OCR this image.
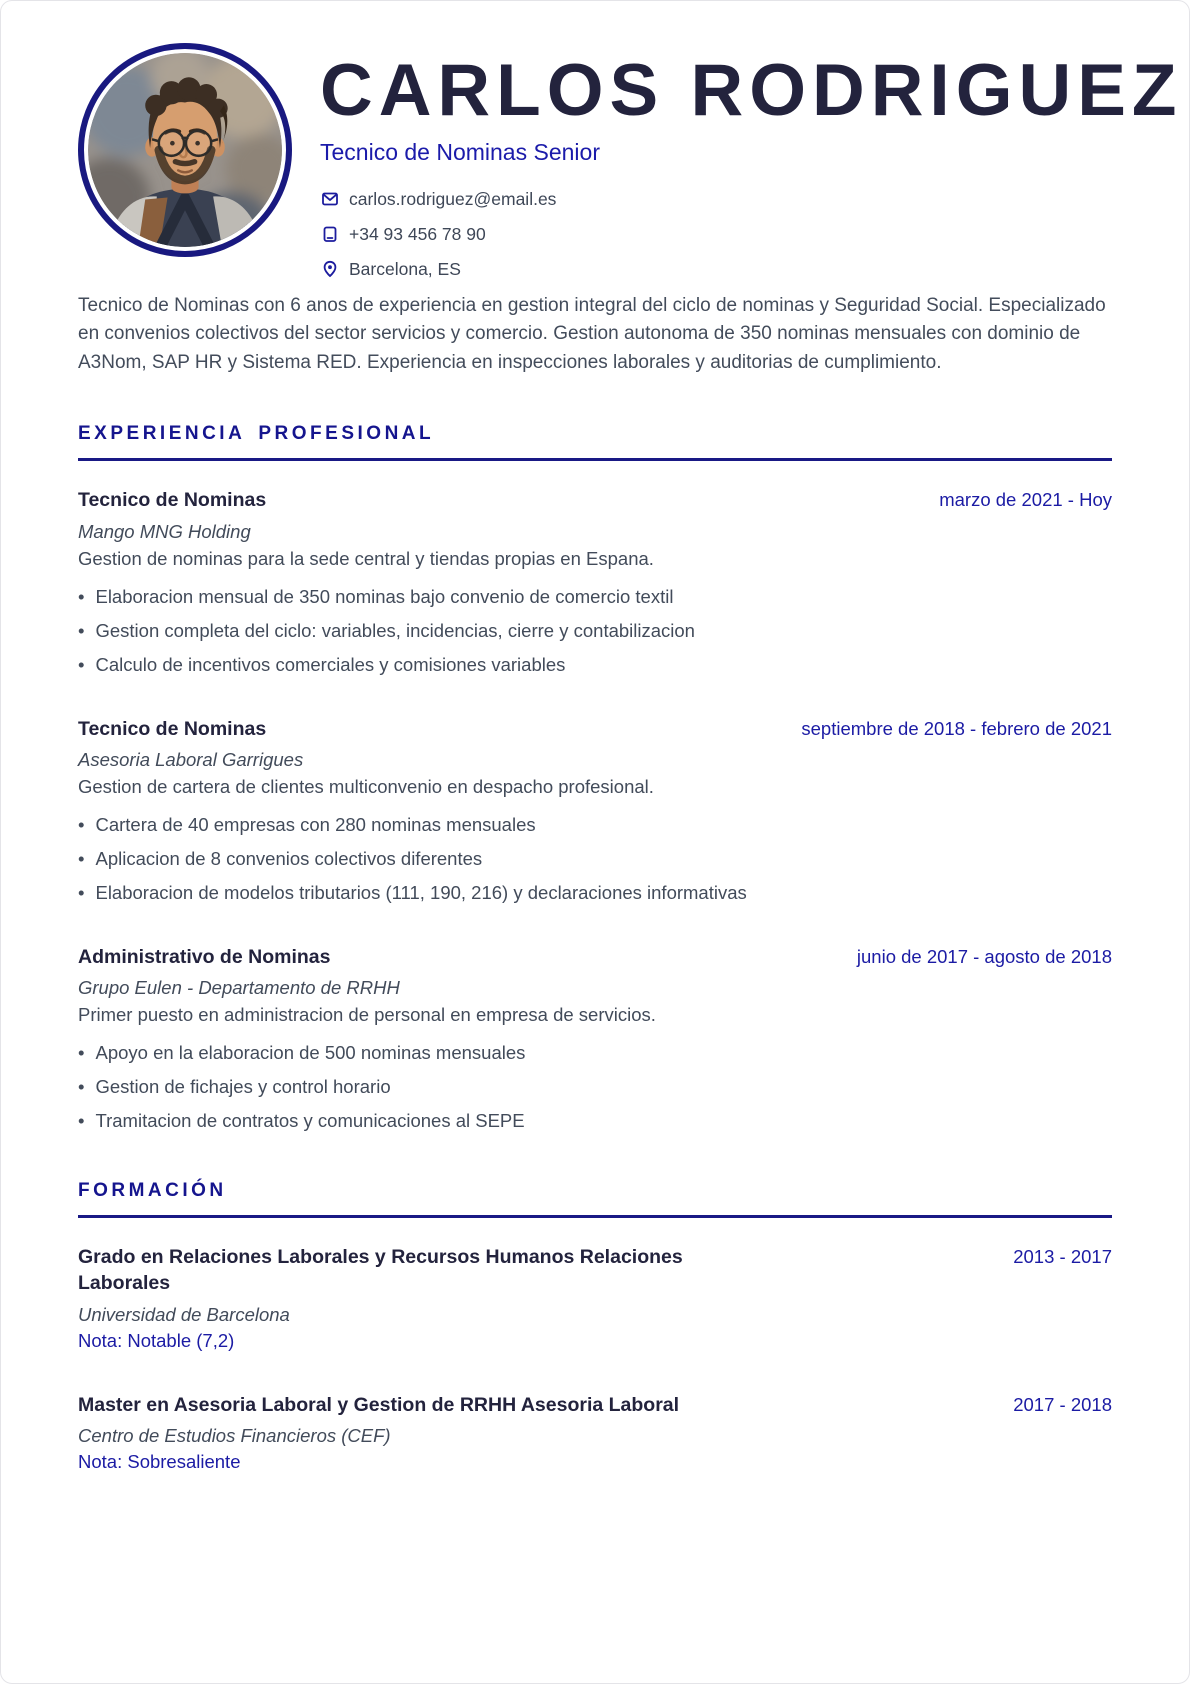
CARLOS RODRIGUEZ
Tecnico de Nominas Senior
carlos.rodriguez@email.es
+34 93 456 78 90
Barcelona, ES

Tecnico de Nominas con 6 anos de experiencia en gestion integral del ciclo de nominas y Seguridad Social. Especializado en convenios colectivos del sector servicios y comercio. Gestion autonoma de 350 nominas mensuales con dominio de A3Nom, SAP HR y Sistema RED. Experiencia en inspecciones laborales y auditorias de cumplimiento.

EXPERIENCIA PROFESIONAL
Tecnico de Nominas	marzo de 2021 - Hoy
Mango MNG Holding
Gestion de nominas para la sede central y tiendas propias en Espana.
• Elaboracion mensual de 350 nominas bajo convenio de comercio textil
• Gestion completa del ciclo: variables, incidencias, cierre y contabilizacion
• Calculo de incentivos comerciales y comisiones variables
Tecnico de Nominas	septiembre de 2018 - febrero de 2021
Asesoria Laboral Garrigues
Gestion de cartera de clientes multiconvenio en despacho profesional.
• Cartera de 40 empresas con 280 nominas mensuales
• Aplicacion de 8 convenios colectivos diferentes
• Elaboracion de modelos tributarios (111, 190, 216) y declaraciones informativas
Administrativo de Nominas	junio de 2017 - agosto de 2018
Grupo Eulen - Departamento de RRHH
Primer puesto en administracion de personal en empresa de servicios.
• Apoyo en la elaboracion de 500 nominas mensuales
• Gestion de fichajes y control horario
• Tramitacion de contratos y comunicaciones al SEPE
FORMACIÓN
Grado en Relaciones Laborales y Recursos Humanos Relaciones Laborales
2013 - 2017
Universidad de Barcelona
Nota: Notable (7,2)
Master en Asesoria Laboral y Gestion de RRHH Asesoria Laboral	2017 - 2018
Centro de Estudios Financieros (CEF)
Nota: Sobresaliente
